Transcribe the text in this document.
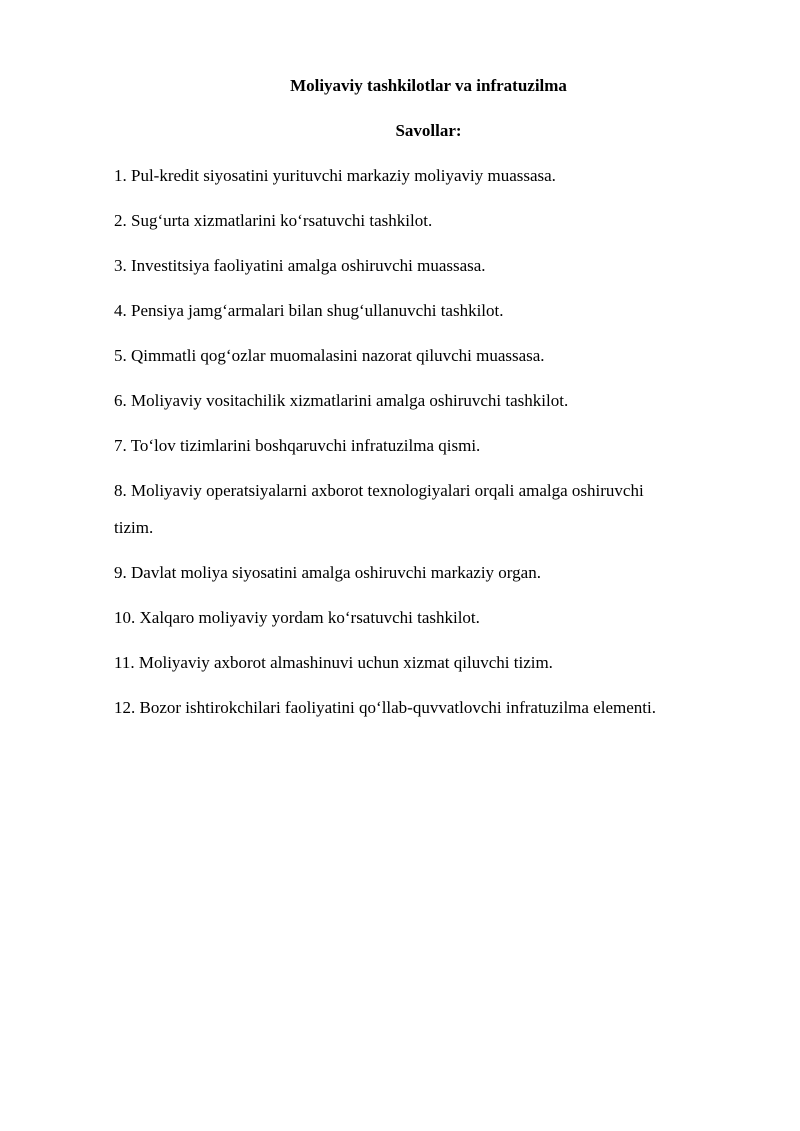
Moliyaviy tashkilotlar va infratuzilma
Savollar:
1. Pul-kredit siyosatini yurituvchi markaziy moliyaviy muassasa.
2. Sug‘urta xizmatlarini ko‘rsatuvchi tashkilot.
3. Investitsiya faoliyatini amalga oshiruvchi muassasa.
4. Pensiya jamg‘armalari bilan shug‘ullanuvchi tashkilot.
5. Qimmatli qog‘ozlar muomalasini nazorat qiluvchi muassasa.
6. Moliyaviy vositachilik xizmatlarini amalga oshiruvchi tashkilot.
7. To‘lov tizimlarini boshqaruvchi infratuzilma qismi.
8. Moliyaviy operatsiyalarni axborot texnologiyalari orqali amalga oshiruvchi
tizim.
9. Davlat moliya siyosatini amalga oshiruvchi markaziy organ.
10. Xalqaro moliyaviy yordam ko‘rsatuvchi tashkilot.
11. Moliyaviy axborot almashinuvi uchun xizmat qiluvchi tizim.
12. Bozor ishtirokchilari faoliyatini qo‘llab-quvvatlovchi infratuzilma elementi.
